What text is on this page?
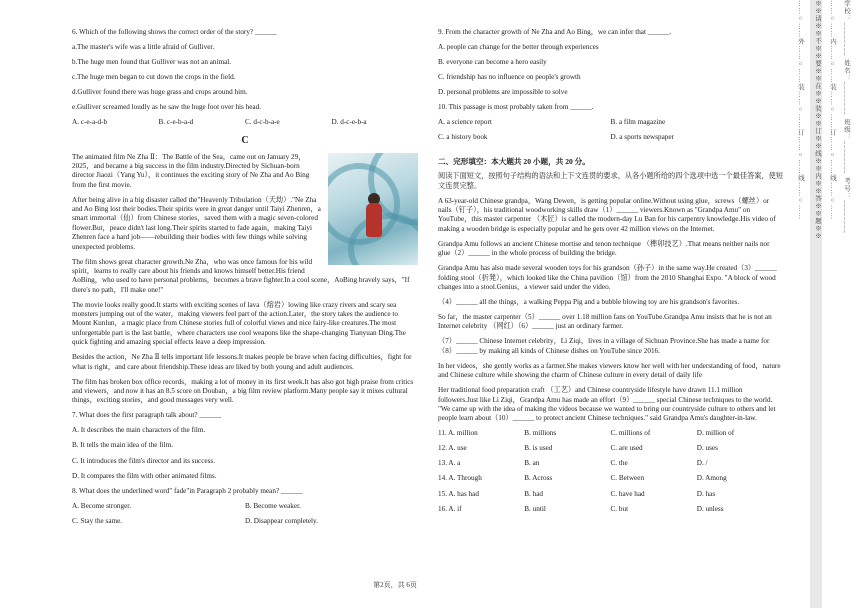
6. Which of the following shows the correct order of the story? ______
a.The master's wife was a little afraid of Gulliver.
b.The huge men found that Gulliver was not an animal.
c.The huge men began to cut down the crops in the field.
d.Gulliver found there was huge grass and crops around him.
e.Gulliver screamed loudly as he saw the huge foot over his head.
A. c-e-a-d-b	B. c-e-b-a-d	C. d-c-b-a-e	D. d-c-e-b-a
C
The animated film Ne Zha Ⅱ：The Battle of the Sea，came out on January 29，2025，and became a big success in the film industry.Directed by Sichuan-born director Jiaozi（Yang Yu），it continues the exciting story of Ne Zha and Ao Bing from the first movie.
After being alive in a big disaster called the"Heavenly Tribulation（天劫）."Ne Zha and Ao Bing lost their bodies.Their spirits were in great danger until Taiyi Zhenren，a smart immortal（仙）from Chinese stories，saved them with a magic seven-colored flower.But，peace didn't last long.Their spirits started to fade again，making Taiyi Zhenren face a hard job——rebuilding their bodies with few things while solving unexpected problems.
The film shows great character growth.Ne Zha，who was once famous for his wild spirit，learns to really care about his friends and knows himself better.His friend AoBing，who used to have personal problems，becomes a brave fighter.In a cool scene，AoBing bravely says，"If there's no path，I'll make one!"
The movie looks really good.It starts with exciting scenes of lava（熔岩）lowing like crazy rivers and scary sea monsters jumping out of the water，making viewers feel part of the action.Later，the story takes the audience to Mount Kunlun，a magic place from Chinese stories full of colorful views and nice fairy-like creatures.The most unforgettable part is the last battle，where characters use cool weapons like the shape-changing Tianyuan Ding.The quick fighting and amazing special effects leave a deep impression.
Besides the action，Ne Zha Ⅱ tells important life lessons.It makes people be brave when facing difficulties，fight for what is right，and care about friendship.These ideas are liked by both young and adult audiences.
The film has broken box office records，making a lot of money in its first week.It has also got high praise from critics and viewers，and now it has an 8.5 score on Douban，a big film review platform.Many people say it mixes cultural things，exciting stories，and good messages very well.
7. What does the first paragraph talk about? ______
A. It describes the main characters of the film.
B. It tells the main idea of the film.
C. It introduces the film's director and its success.
D. It compares the film with other animated films.
8. What does the underlined word" fade"in Paragraph 2 probably mean? ______
A. Become stronger.	B. Become weaker.
C. Stay the same.	D. Disappear completely.
9. From the character growth of Ne Zha and Ao Bing，we can infer that ______.
A. people can change for the better through experiences
B. everyone can become a hero easily
C. friendship has no influence on people's growth
D. personal problems are impossible to solve
10. This passage is most probably taken from ______.
A. a science report	B. a film magazine
C. a history book	D. a sports newspaper
二、完形填空：本大题共 20 小题，共 20 分。
阅读下面短文，按照句子结构的语法和上下文连贯的要求，从各小题所给的四个选项中选一个最佳答案，使短文连贯完整。
A 63-year-old Chinese grandpa，Wang Dewen，is getting popular online.Without using glue，screws（螺丝）or nails（钉子），his traditional woodworking skills draw（1）______ viewers.Known as "Grandpa Amu" on YouTube，this master carpenter （木匠）is called the modern-day Lu Ban for his carpentry knowledge.His video of making a wooden bridge is especially popular and he gets over 42 million views on the Internet.
Grandpa Amu follows an ancient Chinese mortise and tenon technique （榫卯技艺）.That means neither nails nor glue（2）______ in the whole process of building the bridge.
Grandpa Amu has also made several wooden toys for his grandson（孙子）in the same way.He created（3）______ folding stool（折凳），which looked like the China pavilion（馆）from the 2010 Shanghai Expo. "A block of wood changes into a stool.Genius，a viewer said under the video.
（4）______ all the things，a walking Peppa Pig and a bubble blowing toy are his grandson's favorites.
So far，the master carpenter（5）______ over 1.18 million fans on YouTube.Grandpa Amu insists that he is not an Internet celebrity （网红）（6）______ just an ordinary farmer.
（7）______ Chinese Internet celebrity，Li Ziqi，lives in a village of Sichuan Province.She has made a name for（8）______ by making all kinds of Chinese dishes on YouTube since 2016.
In her videos，she gently works as a farmer.She makes viewers know her well with her understanding of food，nature and Chinese culture while showing the charm of Chinese culture in every detail of daily life
Her traditional food preparation craft （工艺）and Chinese countryside lifestyle have drawn 11.1 million followers.Just like Li Ziqi，Grandpa Amu has made an effort（9）______ special Chinese techniques to the world. "We came up with the idea of making the videos because we wanted to bring our countryside culture to others and let people learn about（10）______ to protect ancient Chinese techniques." said Grandpa Amu's daughter-in-law.
11. A. million	B. millions	C. millions of	D. million of
12. A. use	B. is used	C. are used	D. uses
13. A. a	B. an	C. the	D. /
14. A. Through	B. Across	C. Between	D. Among
15. A. has had	B. had	C. have had	D. has
16. A. if	B. until	C. but	D. unless
第2页，共 6页
……○……外……○……装……○……订……○……线……○…… ※※请※※不※※要※※在※※装※※订※※线※※内※※答※※题※※ ……○……内……○……装……○……订……○……线……○…… 学校：________ 姓名：________ 班级：________ 考号：________
